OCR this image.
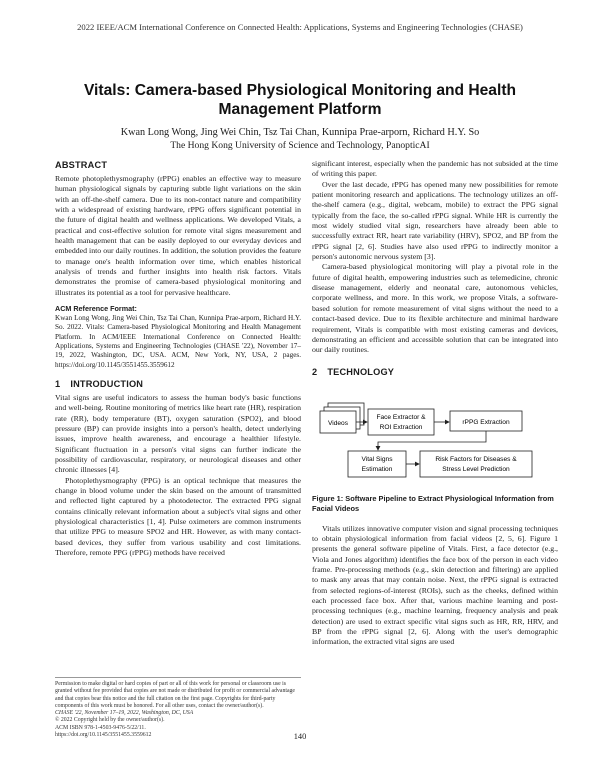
2022 IEEE/ACM International Conference on Connected Health: Applications, Systems and Engineering Technologies (CHASE)
Vitals: Camera-based Physiological Monitoring and Health Management Platform
Kwan Long Wong, Jing Wei Chin, Tsz Tai Chan, Kunnipa Prae-arporn, Richard H.Y. So
The Hong Kong University of Science and Technology, PanopticAI
ABSTRACT

Remote photoplethysmography (rPPG) enables an effective way to measure human physiological signals by capturing subtle light variations on the skin with an off-the-shelf camera. Due to its non-contact nature and compatibility with a widespread of existing hardware, rPPG offers significant potential in the future of digital health and wellness applications. We developed Vitals, a practical and cost-effective solution for remote vital signs measurement and health management that can be easily deployed to our everyday devices and embedded into our daily routines. In addition, the solution provides the feature to manage one's health information over time, which enables historical analysis of trends and further insights into health risk factors. Vitals demonstrates the promise of camera-based physiological monitoring and illustrates its potential as a tool for pervasive healthcare.

ACM Reference Format:

Kwan Long Wong, Jing Wei Chin, Tsz Tai Chan, Kunnipa Prae-arporn, Richard H.Y. So. 2022. Vitals: Camera-based Physiological Monitoring and Health Management Platform. In ACM/IEEE International Conference on Connected Health: Applications, Systems and Engineering Technologies (CHASE '22), November 17–19, 2022, Washington, DC, USA. ACM, New York, NY, USA, 2 pages. https://doi.org/10.1145/3551455.3559612

1 INTRODUCTION

Vital signs are useful indicators to assess the human body's basic functions and well-being. Routine monitoring of metrics like heart rate (HR), respiration rate (RR), body temperature (BT), oxygen saturation (SPO2), and blood pressure (BP) can provide insights into a person's health, detect underlying issues, improve health awareness, and encourage a healthier lifestyle. Significant fluctuation in a person's vital signs can further indicate the possibility of cardiovascular, respiratory, or neurological diseases and other chronic illnesses [4].

Photoplethysmography (PPG) is an optical technique that measures the change in blood volume under the skin based on the amount of transmitted and reflected light captured by a photodetector. The extracted PPG signal contains clinically relevant information about a subject's vital signs and other physiological characteristics [1, 4]. Pulse oximeters are common instruments that utilize PPG to measure SPO2 and HR. However, as with many contact-based devices, they suffer from various usability and cost limitations. Therefore, remote PPG (rPPG) methods have received

significant interest, especially when the pandemic has not subsided at the time of writing this paper.

Over the last decade, rPPG has opened many new possibilities for remote patient monitoring research and applications. The technology utilizes an off-the-shelf camera (e.g., digital, webcam, mobile) to extract the PPG signal typically from the face, the so-called rPPG signal. While HR is currently the most widely studied vital sign, researchers have already been able to successfully extract RR, heart rate variability (HRV), SPO2, and BP from the rPPG signal [2, 6]. Studies have also used rPPG to indirectly monitor a person's autonomic nervous system [3].

Camera-based physiological monitoring will play a pivotal role in the future of digital health, empowering industries such as telemedicine, chronic disease management, elderly and neonatal care, autonomous vehicles, corporate wellness, and more. In this work, we propose Vitals, a software-based solution for remote measurement of vital signs without the need to a contact-based device. Due to its flexible architecture and minimal hardware requirement, Vitals is compatible with most existing cameras and devices, demonstrating an efficient and accessible solution that can be integrated into our daily routines.

2 TECHNOLOGY
Videos
Face Extractor &
ROI Extraction
rPPG Extraction
Vital Signs
Estimation
Risk Factors for Diseases &
Stress Level Prediction
Figure 1: Software Pipeline to Extract Physiological Information from Facial Videos

Vitals utilizes innovative computer vision and signal processing techniques to obtain physiological information from facial videos [2, 5, 6]. Figure 1 presents the general software pipeline of Vitals. First, a face detector (e.g., Viola and Jones algorithm) identifies the face box of the person in each video frame. Pre-processing methods (e.g., skin detection and filtering) are applied to mask any areas that may contain noise. Next, the rPPG signal is extracted from selected regions-of-interest (ROIs), such as the cheeks, defined within each processed face box. After that, various machine learning and post-processing techniques (e.g., machine learning, frequency analysis and peak detection) are used to extract specific vital signs such as HR, RR, HRV, and BP from the rPPG signal [2, 6]. Along with the user's demographic information, the extracted vital signs are used

Permission to make digital or hard copies of part or all of this work for personal or classroom use is granted without fee provided that copies are not made or distributed for profit or commercial advantage and that copies bear this notice and the full citation on the first page. Copyrights for third-party components of this work must be honored. For all other uses, contact the owner/author(s).
CHASE '22, November 17–19, 2022, Washington, DC, USA
© 2022 Copyright held by the owner/author(s).
ACM ISBN 978-1-4503-9476-5/22/11.
https://doi.org/10.1145/3551455.3559612	140
